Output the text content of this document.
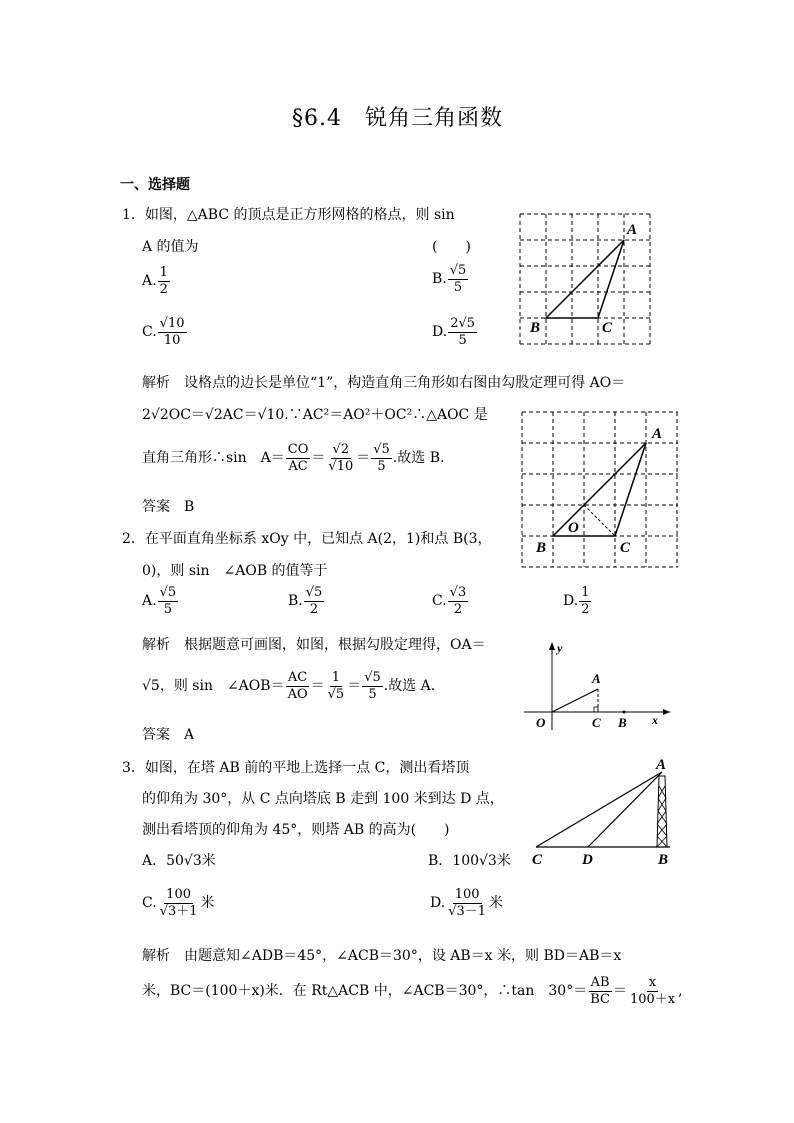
§6.4　锐角三角函数
一、选择题
1．如图，△ABC 的顶点是正方形网格的格点，则 sin
A 的值为	(　　)
A. $\frac{1}{2}$	B. $\frac{√5}{5}$
C. $\frac{√10}{10}$	D. $\frac{2√5}{5}$
A
B	C
解析　设格点的边长是单位“1”，构造直角三角形如右图由勾股定理可得 AO＝
2√2OC＝√2AC＝√10.∵AC²＝AO²＋OC²∴△AOC 是
直角三角形∴sin　$A= \frac{CO}{AC} = \frac{√2}{√10} = \frac{√5}{5}$ .故选 B.
答案　B
A
B	C
O
2．在平面直角坐标系 xOy 中，已知点 A(2，1)和点 B(3，
0)，则 sin　∠AOB 的值等于
A. $\frac{√5}{5}$	B. $\frac{√5}{2}$	C. $\frac{√3}{2}$	D. $\frac{1}{2}$
解析　根据题意可画图，如图，根据勾股定理得，OA＝
√5，则 sin　∠AOB＝ $\frac{AC}{AO} = \frac{1}{√5} = \frac{√5}{5}$ .故选 A.
答案　A
y
x
A
O	C B
3．如图，在塔 AB 前的平地上选择一点 C，测出看塔顶
的仰角为 30°，从 C 点向塔底 B 走到 100 米到达 D 点，
测出看塔顶的仰角为 45°，则塔 AB 的高为(　　)
A．50√3米	B．100√3米
C. $\frac{100}{√3+1}$ 米	D. $\frac{100}{√3-1}$ 米
A
C	D	B
解析　由题意知∠ADB＝45°，∠ACB＝30°，设 AB＝x 米，则 BD＝AB＝x
米，BC＝(100＋x)米．在 Rt△ACB 中，∠ACB＝30°，∴tan　$30^\circ= \frac{AB}{BC} = \frac{x}{100+x}$ ,
